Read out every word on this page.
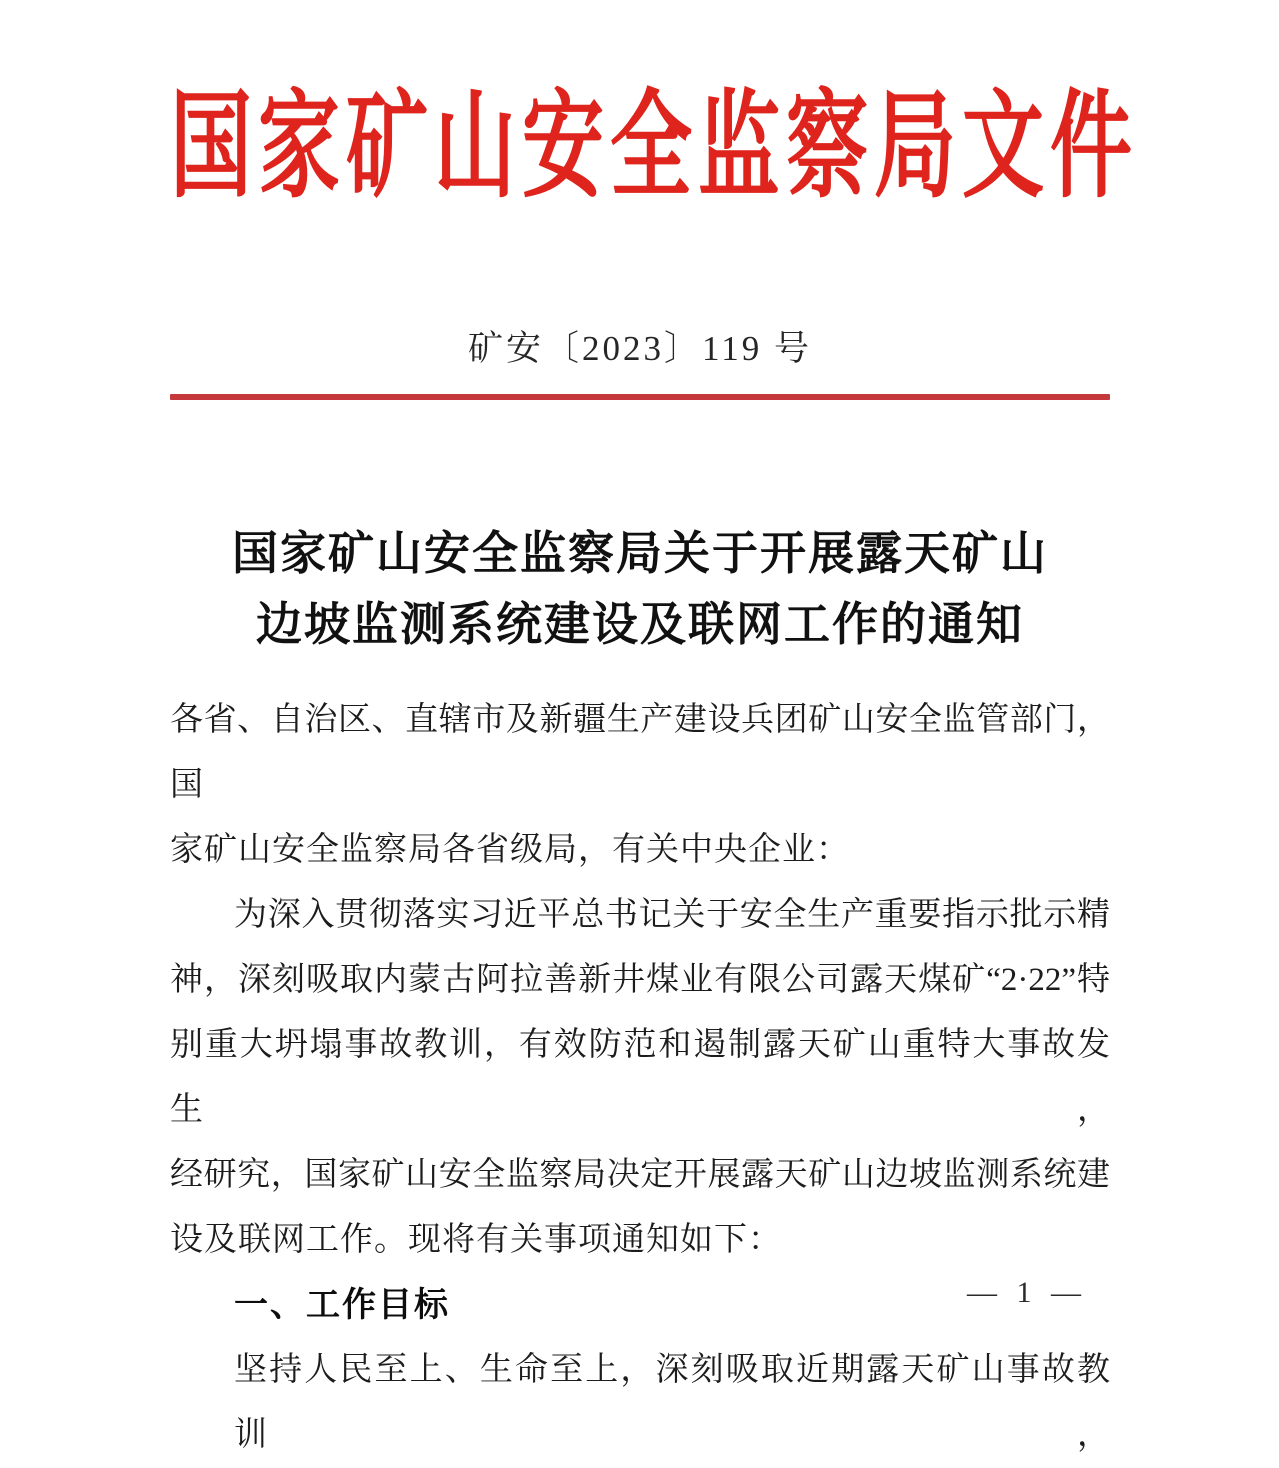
国家矿山安全监察局文件
矿安〔2023〕119 号
国家矿山安全监察局关于开展露天矿山
边坡监测系统建设及联网工作的通知
各省、自治区、直辖市及新疆生产建设兵团矿山安全监管部门，国
家矿山安全监察局各省级局，有关中央企业：
为深入贯彻落实习近平总书记关于安全生产重要指示批示精
神，深刻吸取内蒙古阿拉善新井煤业有限公司露天煤矿“2·22”特
别重大坍塌事故教训，有效防范和遏制露天矿山重特大事故发生，
经研究，国家矿山安全监察局决定开展露天矿山边坡监测系统建
设及联网工作。现将有关事项通知如下：
一、工作目标
坚持人民至上、生命至上，深刻吸取近期露天矿山事故教训，
— 1 —
